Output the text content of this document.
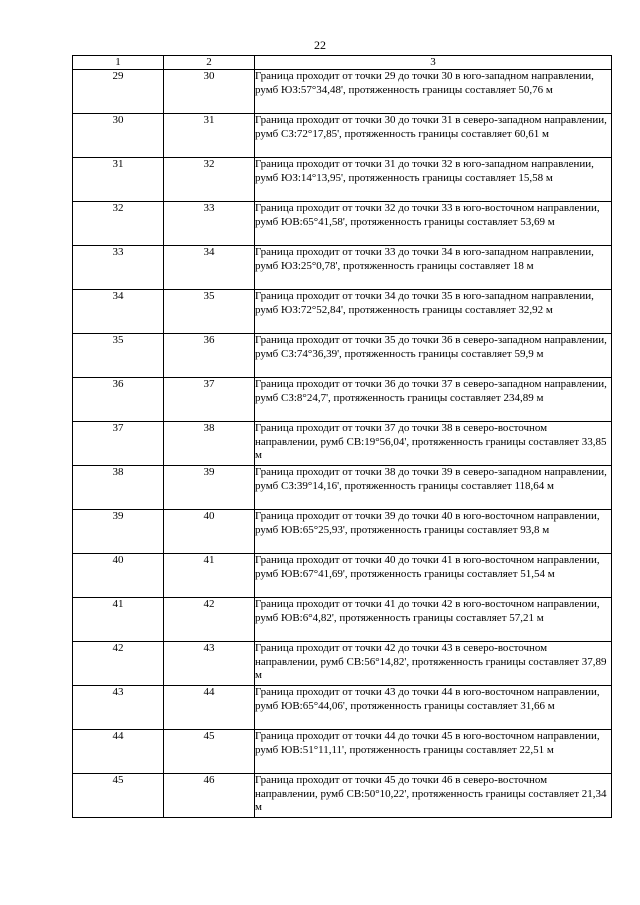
22
1	2	3
29	30	Граница проходит от точки 29 до точки 30 в юго-западном направлении, румб ЮЗ:57°34,48', протяженность границы составляет 50,76 м
30	31	Граница проходит от точки 30 до точки 31 в северо-западном направлении, румб СЗ:72°17,85', протяженность границы составляет 60,61 м
31	32	Граница проходит от точки 31 до точки 32 в юго-западном направлении, румб ЮЗ:14°13,95', протяженность границы составляет 15,58 м
32	33	Граница проходит от точки 32 до точки 33 в юго-восточном направлении, румб ЮВ:65°41,58', протяженность границы составляет 53,69 м
33	34	Граница проходит от точки 33 до точки 34 в юго-западном направлении, румб ЮЗ:25°0,78', протяженность границы составляет 18 м
34	35	Граница проходит от точки 34 до точки 35 в юго-западном направлении, румб ЮЗ:72°52,84', протяженность границы составляет 32,92 м
35	36	Граница проходит от точки 35 до точки 36 в северо-западном направлении, румб СЗ:74°36,39', протяженность границы составляет 59,9 м
36	37	Граница проходит от точки 36 до точки 37 в северо-западном направлении, румб СЗ:8°24,7', протяженность границы составляет 234,89 м
37	38	Граница проходит от точки 37 до точки 38 в северо-восточном направлении, румб СВ:19°56,04', протяженность границы составляет 33,85 м
38	39	Граница проходит от точки 38 до точки 39 в северо-западном направлении, румб СЗ:39°14,16', протяженность границы составляет 118,64 м
39	40	Граница проходит от точки 39 до точки 40 в юго-восточном направлении, румб ЮВ:65°25,93', протяженность границы составляет 93,8 м
40	41	Граница проходит от точки 40 до точки 41 в юго-восточном направлении, румб ЮВ:67°41,69', протяженность границы составляет 51,54 м
41	42	Граница проходит от точки 41 до точки 42 в юго-восточном направлении, румб ЮВ:6°4,82', протяженность границы составляет 57,21 м
42	43	Граница проходит от точки 42 до точки 43 в северо-восточном направлении, румб СВ:56°14,82', протяженность границы составляет 37,89 м
43	44	Граница проходит от точки 43 до точки 44 в юго-восточном направлении, румб ЮВ:65°44,06', протяженность границы составляет 31,66 м
44	45	Граница проходит от точки 44 до точки 45 в юго-восточном направлении, румб ЮВ:51°11,11', протяженность границы составляет 22,51 м
45	46	Граница проходит от точки 45 до точки 46 в северо-восточном направлении, румб СВ:50°10,22', протяженность границы составляет 21,34 м
